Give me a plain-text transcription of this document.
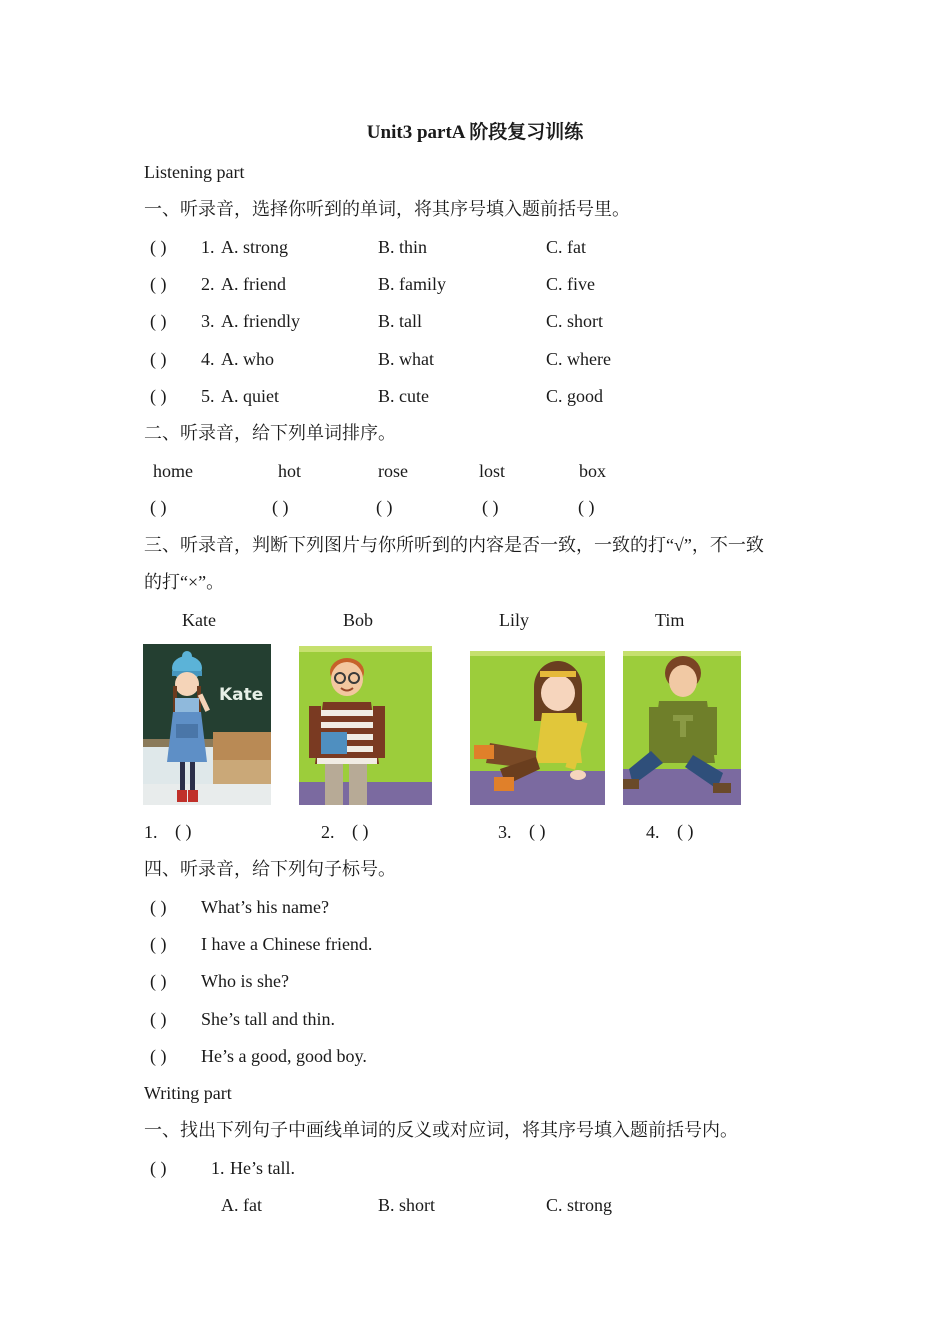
Unit3 partA 阶段复习训练
Listening part
一、听录音，选择你听到的单词，将其序号填入题前括号里。
( ) 1. A. strong	B. thin	C. fat
( ) 2. A. friend	B. family	C. five
( ) 3. A. friendly	B. tall	C. short
( ) 4. A. who	B. what	C. where
( ) 5. A. quiet	B. cute	C. good
二、听录音，给下列单词排序。
home	hot	rose	lost	box
( )	( )	( )	( )	( )
三、听录音，判断下列图片与你所听到的内容是否一致，一致的打“√”，不一致
的打“×”。
Kate	Bob	Lily	Tim
Kate
1. ( )	2. ( )	3. ( )	4. ( )
四、听录音，给下列句子标号。
( ) What’s his name?
( ) I have a Chinese friend.
( ) Who is she?
( ) She’s tall and thin.
( ) He’s a good, good boy.
Writing part
一、找出下列句子中画线单词的反义或对应词，将其序号填入题前括号内。
( ) 1. He’s tall.
A. fat	B. short	C. strong
